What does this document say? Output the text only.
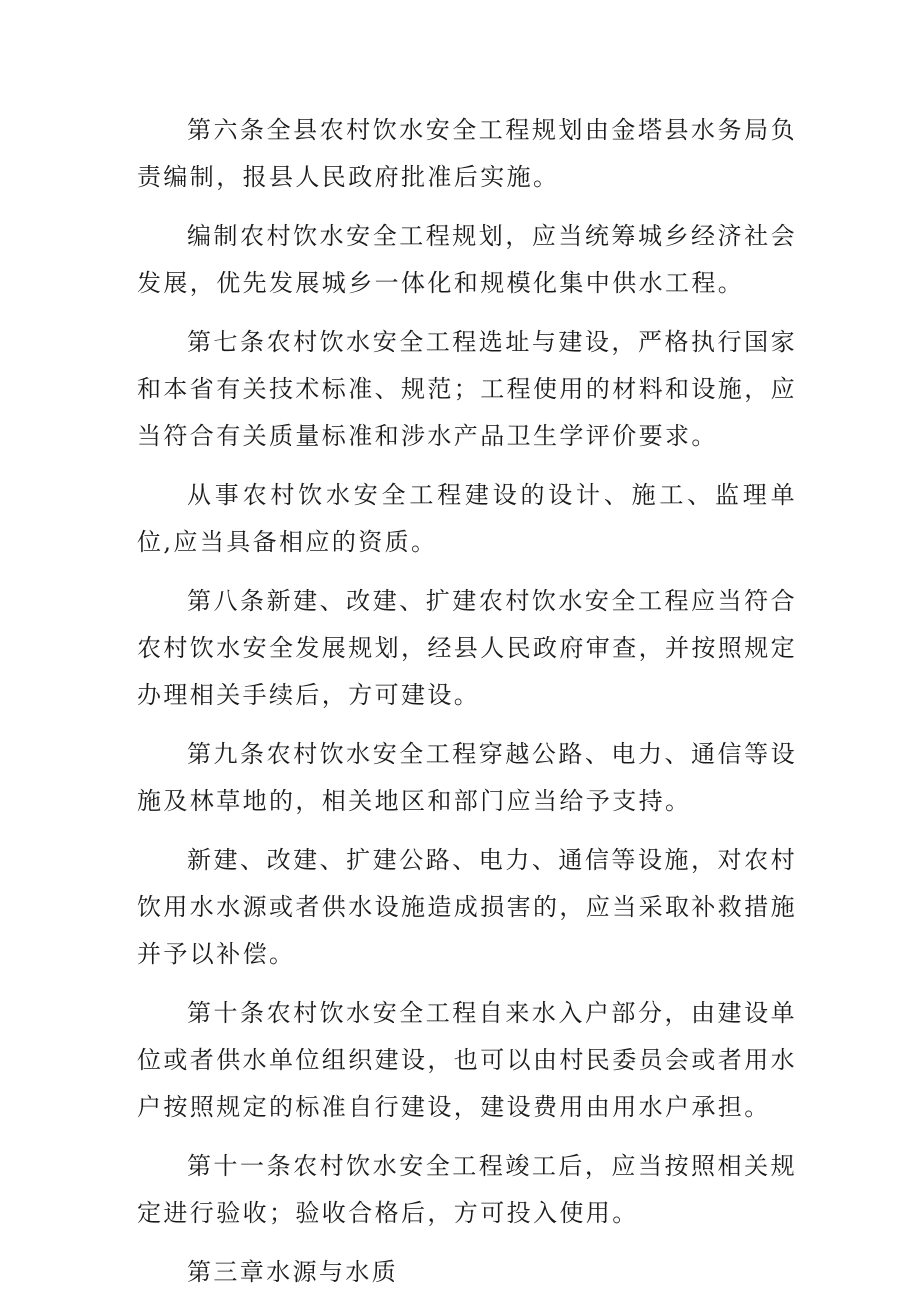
第六条全县农村饮水安全工程规划由金塔县水务局负责编制，报县人民政府批准后实施。

编制农村饮水安全工程规划，应当统筹城乡经济社会发展，优先发展城乡一体化和规模化集中供水工程。

第七条农村饮水安全工程选址与建设，严格执行国家和本省有关技术标准、规范；工程使用的材料和设施，应当符合有关质量标准和涉水产品卫生学评价要求。

从事农村饮水安全工程建设的设计、施工、监理单位,应当具备相应的资质。

第八条新建、改建、扩建农村饮水安全工程应当符合农村饮水安全发展规划，经县人民政府审查，并按照规定办理相关手续后，方可建设。

第九条农村饮水安全工程穿越公路、电力、通信等设施及林草地的，相关地区和部门应当给予支持。

新建、改建、扩建公路、电力、通信等设施，对农村饮用水水源或者供水设施造成损害的，应当采取补救措施并予以补偿。

第十条农村饮水安全工程自来水入户部分，由建设单位或者供水单位组织建设，也可以由村民委员会或者用水户按照规定的标准自行建设，建设费用由用水户承担。

第十一条农村饮水安全工程竣工后，应当按照相关规定进行验收；验收合格后，方可投入使用。

第三章水源与水质
